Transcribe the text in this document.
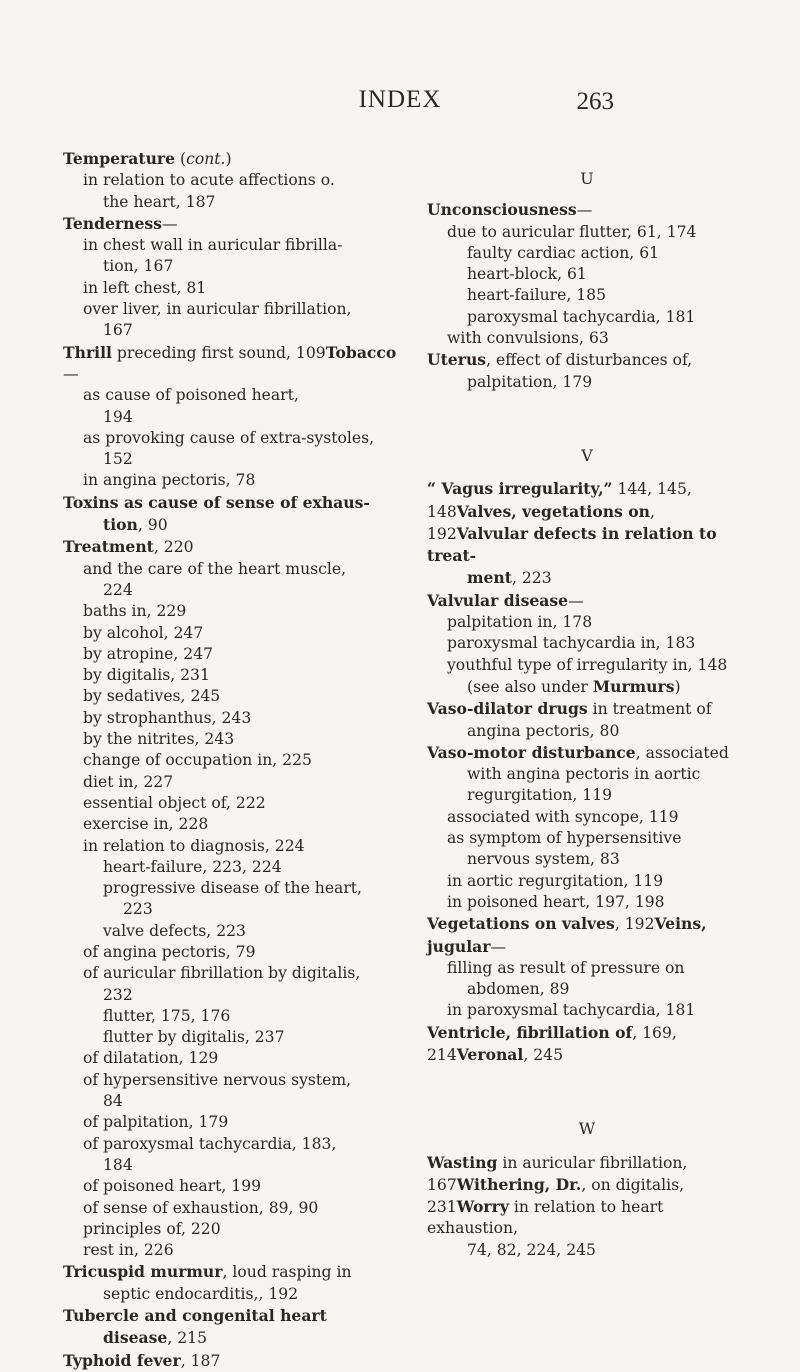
INDEX	263
Temperature (cont.)
in relation to acute affections o.
the heart, 187
Tenderness—
in chest wall in auricular fibrilla-
tion, 167
in left chest, 81
over liver, in auricular fibrillation,
167
Thrill preceding first sound, 109Tobacco—
as cause of poisoned heart,
194
as provoking cause of extra-systoles,
152
in angina pectoris, 78
Toxins as cause of sense of exhaus-
tion, 90
Treatment, 220
and the care of the heart muscle,
224
baths in, 229
by alcohol, 247
by atropine, 247
by digitalis, 231
by sedatives, 245
by strophanthus, 243
by the nitrites, 243
change of occupation in, 225
diet in, 227
essential object of, 222
exercise in, 228
in relation to diagnosis, 224
heart-failure, 223, 224
progressive disease of the heart,
223
valve defects, 223
of angina pectoris, 79
of auricular fibrillation by digitalis,
232
flutter, 175, 176
flutter by digitalis, 237
of dilatation, 129
of hypersensitive nervous system,
84
of palpitation, 179
of paroxysmal tachycardia, 183,
184
of poisoned heart, 199
of sense of exhaustion, 89, 90
principles of, 220
rest in, 226
Tricuspid murmur, loud rasping in
septic endocarditis,, 192
Tubercle and congenital heart
disease, 215
Typhoid fever, 187
U
Unconsciousness—
due to auricular flutter, 61, 174
faulty cardiac action, 61
heart-block, 61
heart-failure, 185
paroxysmal tachycardia, 181
with convulsions, 63
Uterus, effect of disturbances of,
palpitation, 179
V
“ Vagus irregularity,” 144, 145, 148Valves, vegetations on, 192Valvular defects in relation to treat-
ment, 223
Valvular disease—
palpitation in, 178
paroxysmal tachycardia in, 183
youthful type of irregularity in, 148
(see also under Murmurs)
Vaso-dilator drugs in treatment of
angina pectoris, 80
Vaso-motor disturbance, associated
with angina pectoris in aortic
regurgitation, 119
associated with syncope, 119
as symptom of hypersensitive
nervous system, 83
in aortic regurgitation, 119
in poisoned heart, 197, 198
Vegetations on valves, 192Veins, jugular—
filling as result of pressure on
abdomen, 89
in paroxysmal tachycardia, 181
Ventricle, fibrillation of, 169, 214Veronal, 245
W
Wasting in auricular fibrillation, 167Withering, Dr., on digitalis, 231Worry in relation to heart exhaustion,
74, 82, 224, 245
